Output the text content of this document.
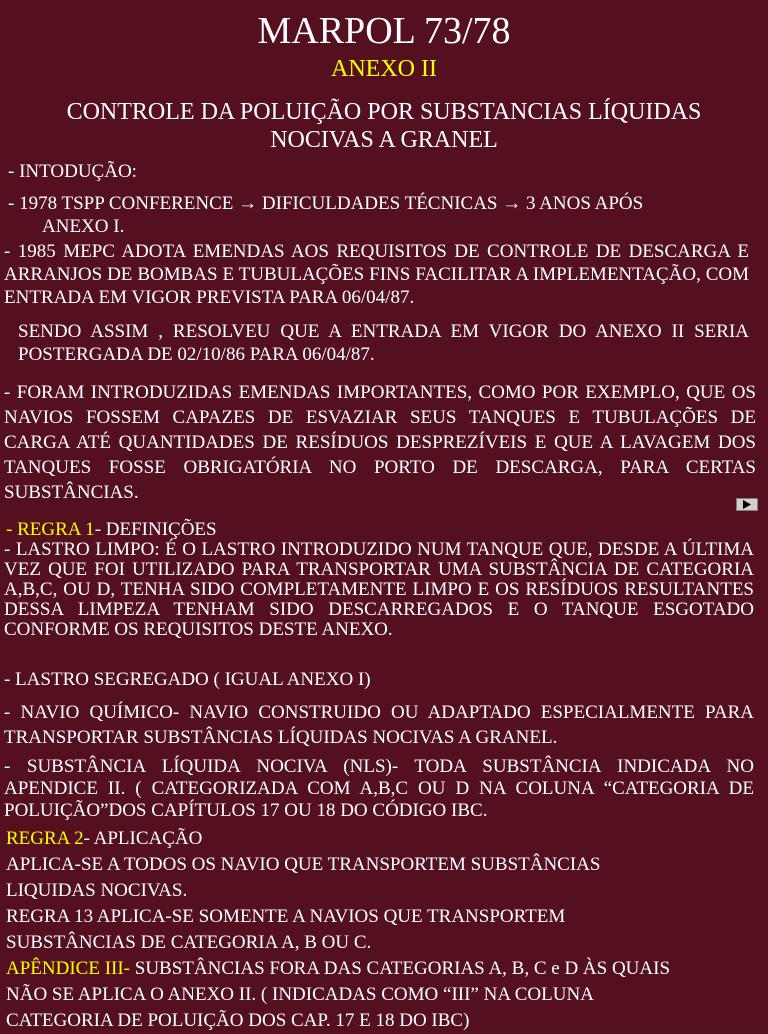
MARPOL 73/78
ANEXO II
CONTROLE DA POLUIÇÃO POR SUBSTANCIAS LÍQUIDAS
NOCIVAS A GRANEL
- INTODUÇÃO:
- 1978 TSPP CONFERENCE → DIFICULDADES TÉCNICAS → 3 ANOS APÓS
ANEXO I.
- 1985 MEPC ADOTA EMENDAS AOS REQUISITOS DE CONTROLE DE DESCARGA E ARRANJOS DE BOMBAS E TUBULAÇÕES FINS FACILITAR A IMPLEMENTAÇÃO, COM ENTRADA EM VIGOR PREVISTA PARA 06/04/87.
SENDO ASSIM , RESOLVEU QUE A ENTRADA EM VIGOR DO ANEXO II SERIA POSTERGADA DE 02/10/86 PARA 06/04/87.
- FORAM INTRODUZIDAS EMENDAS IMPORTANTES, COMO POR EXEMPLO, QUE OS NAVIOS FOSSEM CAPAZES DE ESVAZIAR SEUS TANQUES E TUBULAÇÕES DE CARGA ATÉ QUANTIDADES DE RESÍDUOS DESPREZÍVEIS E QUE A LAVAGEM DOS TANQUES FOSSE OBRIGATÓRIA NO PORTO DE DESCARGA, PARA CERTAS SUBSTÂNCIAS.
- REGRA 1- DEFINIÇÕES
- LASTRO LIMPO: É O LASTRO INTRODUZIDO NUM TANQUE QUE, DESDE A ÚLTIMA VEZ QUE FOI UTILIZADO PARA TRANSPORTAR UMA SUBSTÂNCIA DE CATEGORIA A,B,C, OU D, TENHA SIDO COMPLETAMENTE LIMPO E OS RESÍDUOS RESULTANTES DESSA LIMPEZA TENHAM SIDO DESCARREGADOS E O TANQUE ESGOTADO CONFORME OS REQUISITOS DESTE ANEXO.
- LASTRO SEGREGADO ( IGUAL ANEXO I)
- NAVIO QUÍMICO- NAVIO CONSTRUIDO OU ADAPTADO ESPECIALMENTE PARA TRANSPORTAR SUBSTÂNCIAS LÍQUIDAS NOCIVAS A GRANEL.
- SUBSTÂNCIA LÍQUIDA NOCIVA (NLS)- TODA SUBSTÂNCIA INDICADA NO APENDICE II. ( CATEGORIZADA COM A,B,C OU D NA COLUNA “CATEGORIA DE POLUIÇÃO”DOS CAPÍTULOS 17 OU 18 DO CÓDIGO IBC.
REGRA 2- APLICAÇÃO
APLICA-SE A TODOS OS NAVIO QUE TRANSPORTEM SUBSTÂNCIAS
LIQUIDAS NOCIVAS.
REGRA 13 APLICA-SE SOMENTE A NAVIOS QUE TRANSPORTEM
SUBSTÂNCIAS DE CATEGORIA A, B OU C.
APÊNDICE III- SUBSTÂNCIAS FORA DAS CATEGORIAS A, B, C e D ÀS QUAIS
NÃO SE APLICA O ANEXO II. ( INDICADAS COMO “III” NA COLUNA
CATEGORIA DE POLUIÇÃO DOS CAP. 17 E 18 DO IBC)
